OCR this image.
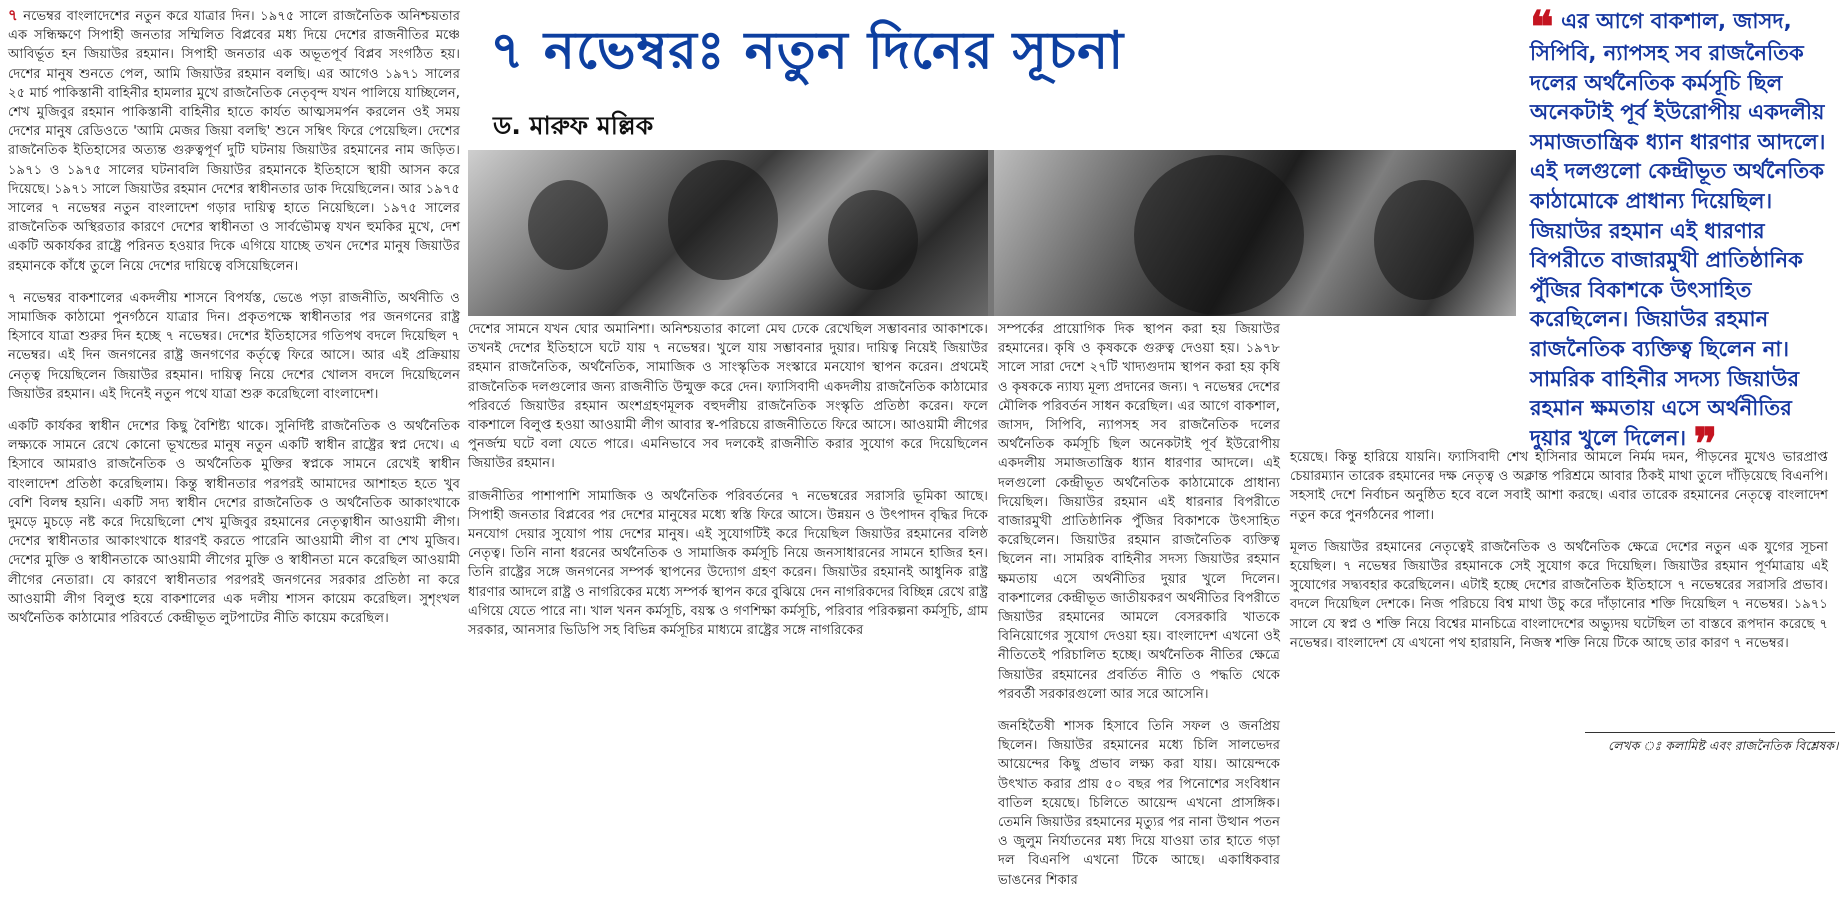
৭ নভেম্বর বাংলাদেশের নতুন করে যাত্রার দিন। ১৯৭৫ সালে রাজনৈতিক অনিশ্চয়তার এক সন্ধিক্ষণে সিপাহী জনতার সম্মিলিত বিপ্লবের মধ্য দিয়ে দেশের রাজনীতির মঞ্চে আবির্ভূত হন জিয়াউর রহমান। সিপাহী জনতার এক অভূতপূর্ব বিপ্লব সংগঠিত হয়। দেশের মানুষ শুনতে পেল, আমি জিয়াউর রহমান বলছি। এর আগেও ১৯৭১ সালের ২৫ মার্চ পাকিস্তানী বাহিনীর হামলার মুখে রাজনৈতিক নেতৃবৃন্দ যখন পালিয়ে যাচ্ছিলেন, শেখ মুজিবুর রহমান পাকিস্তানী বাহিনীর হাতে কার্যত আত্মসমর্পন করলেন ওই সময় দেশের মানুষ রেডিওতে 'আমি মেজর জিয়া বলছি' শুনে সম্বিৎ ফিরে পেয়েছিল। দেশের রাজনৈতিক ইতিহাসের অত্যন্ত গুরুত্বপূর্ণ দুটি ঘটনায় জিয়াউর রহমানের নাম জড়িত। ১৯৭১ ও ১৯৭৫ সালের ঘটনাবলি জিয়াউর রহমানকে ইতিহাসে স্থায়ী আসন করে দিয়েছে। ১৯৭১ সালে জিয়াউর রহমান দেশের স্বাধীনতার ডাক দিয়েছিলেন। আর ১৯৭৫ সালের ৭ নভেম্বর নতুন বাংলাদেশ গড়ার দায়িত্ব হাতে নিয়েছিলে। ১৯৭৫ সালের রাজনৈতিক অস্থিরতার কারণে দেশের স্বাধীনতা ও সার্বভৌমত্ব যখন হুমকির মুখে, দেশ একটি অকার্যকর রাষ্ট্রে পরিনত হওয়ার দিকে এগিয়ে যাচ্ছে তখন দেশের মানুষ জিয়াউর রহমানকে কাঁধে তুলে নিয়ে দেশের দায়িত্বে বসিয়েছিলেন।

৭ নভেম্বর বাকশালের একদলীয় শাসনে বিপর্যস্ত, ভেঙে পড়া রাজনীতি, অর্থনীতি ও সামাজিক কাঠামো পুনর্গঠনে যাত্রার দিন। প্রকৃতপক্ষে স্বাধীনতার পর জনগনের রাষ্ট্র হিসাবে যাত্রা শুরুর দিন হচ্ছে ৭ নভেম্বর। দেশের ইতিহাসের গতিপথ বদলে দিয়েছিল ৭ নভেম্বর। এই দিন জনগনের রাষ্ট্র জনগণের কর্তৃত্বে ফিরে আসে। আর এই প্রক্রিয়ায় নেতৃত্ব দিয়েছিলেন জিয়াউর রহমান। দায়িত্ব নিয়ে দেশের খোলস বদলে দিয়েছিলেন জিয়াউর রহমান। এই দিনেই নতুন পথে যাত্রা শুরু করেছিলো বাংলাদেশ।

একটি কার্যকর স্বাধীন দেশের কিছু বৈশিষ্ট্য থাকে। সুনির্দিষ্ট রাজনৈতিক ও অর্থনৈতিক লক্ষ্যকে সামনে রেখে কোনো ভূখন্ডের মানুষ নতুন একটি স্বাধীন রাষ্ট্রের স্বপ্ন দেখে। এ হিসাবে আমরাও রাজনৈতিক ও অর্থনৈতিক মুক্তির স্বপ্নকে সামনে রেখেই স্বাধীন বাংলাদেশ প্রতিষ্ঠা করেছিলাম। কিন্তু স্বাধীনতার পরপরই আমাদের আশাহত হতে খুব বেশি বিলম্ব হয়নি। একটি সদ্য স্বাধীন দেশের রাজনৈতিক ও অর্থনৈতিক আকাংখাকে দুমড়ে মুচড়ে নষ্ট করে দিয়েছিলো শেখ মুজিবুর রহমানের নেতৃত্বাধীন আওয়ামী লীগ। দেশের স্বাধীনতার আকাংখাকে ধারণই করতে পারেনি আওয়ামী লীগ বা শেখ মুজিব। দেশের মুক্তি ও স্বাধীনতাকে আওয়ামী লীগের মুক্তি ও স্বাধীনতা মনে করেছিল আওয়ামী লীগের নেতারা। যে কারণে স্বাধীনতার পরপরই জনগনের সরকার প্রতিষ্ঠা না করে আওয়ামী লীগ বিলুপ্ত হয়ে বাকশালের এক দলীয় শাসন কায়েম করেছিল। সুশৃংখল অর্থনৈতিক কাঠামোর পরিবর্তে কেন্দ্রীভূত লুটপাটের নীতি কায়েম করেছিল।

৭ নভেম্বরঃ নতুন দিনের সূচনা
ড. মারুফ মল্লিক

দেশের সামনে যখন ঘোর অমানিশা। অনিশ্চয়তার কালো মেঘ ঢেকে রেখেছিল সম্ভাবনার আকাশকে। তখনই দেশের ইতিহাসে ঘটে যায় ৭ নভেম্বর। খুলে যায় সম্ভাবনার দুয়ার। দায়িত্ব নিয়েই জিয়াউর রহমান রাজনৈতিক, অর্থনৈতিক, সামাজিক ও সাংস্কৃতিক সংস্কারে মনযোগ স্থাপন করেন। প্রথমেই রাজনৈতিক দলগুলোর জন্য রাজনীতি উন্মুক্ত করে দেন। ফ্যাসিবাদী একদলীয় রাজনৈতিক কাঠামোর পরিবর্তে জিয়াউর রহমান অংশগ্রহণমূলক বহুদলীয় রাজনৈতিক সংস্কৃতি প্রতিষ্ঠা করেন। ফলে বাকশালে বিলুপ্ত হওয়া আওয়ামী লীগ আবার স্ব-পরিচয়ে রাজনীতিতে ফিরে আসে। আওয়ামী লীগের পুনর্জন্ম ঘটে বলা যেতে পারে। এমনিভাবে সব দলকেই রাজনীতি করার সুযোগ করে দিয়েছিলেন জিয়াউর রহমান।

রাজনীতির পাশাপাশি সামাজিক ও অর্থনৈতিক পরিবর্তনের ৭ নভেম্বরের সরাসরি ভূমিকা আছে। সিপাহী জনতার বিপ্লবের পর দেশের মানুষের মধ্যে স্বস্তি ফিরে আসে। উন্নয়ন ও উৎপাদন বৃদ্ধির দিকে মনযোগ দেয়ার সুযোগ পায় দেশের মানুষ। এই সুযোগটিই করে দিয়েছিল জিয়াউর রহমানের বলিষ্ঠ নেতৃত্ব। তিনি নানা ধরনের অর্থনৈতিক ও সামাজিক কর্মসূচি নিয়ে জনসাধারনের সামনে হাজির হন। তিনি রাষ্ট্রের সঙ্গে জনগনের সম্পর্ক স্থাপনের উদ্যোগ গ্রহণ করেন। জিয়াউর রহমানই আধুনিক রাষ্ট্র ধারণার আদলে রাষ্ট্র ও নাগরিকের মধ্যে সম্পর্ক স্থাপন করে বুঝিয়ে দেন নাগরিকদের বিচ্ছিন্ন রেখে রাষ্ট্র এগিয়ে যেতে পারে না। খাল খনন কর্মসূচি, বয়স্ক ও গণশিক্ষা কর্মসূচি, পরিবার পরিকল্পনা কর্মসূচি, গ্রাম সরকার, আনসার ভিডিপি সহ বিভিন্ন কর্মসূচির মাধ্যমে রাষ্ট্রের সঙ্গে নাগরিকের

সম্পর্কের প্রায়োগিক দিক স্থাপন করা হয় জিয়াউর রহমানের। কৃষি ও কৃষককে গুরুত্ব দেওয়া হয়। ১৯৭৮ সালে সারা দেশে ২৭টি খাদ্যগুদাম স্থাপন করা হয় কৃষি ও কৃষককে ন্যায্য মূল্য প্রদানের জন্য। ৭ নভেম্বর দেশের মৌলিক পরিবর্তন সাধন করেছিল। এর আগে বাকশাল, জাসদ, সিপিবি, ন্যাপসহ সব রাজনৈতিক দলের অর্থনৈতিক কর্মসূচি ছিল অনেকটাই পূর্ব ইউরোপীয় একদলীয় সমাজতান্ত্রিক ধ্যান ধারণার আদলে। এই দলগুলো কেন্দ্রীভূত অর্থনৈতিক কাঠামোকে প্রাধান্য দিয়েছিল। জিয়াউর রহমান এই ধারনার বিপরীতে বাজারমুখী প্রাতিষ্ঠানিক পুঁজির বিকাশকে উৎসাহিত করেছিলেন। জিয়াউর রহমান রাজনৈতিক ব্যক্তিত্ব ছিলেন না। সামরিক বাহিনীর সদস্য জিয়াউর রহমান ক্ষমতায় এসে অর্থনীতির দুয়ার খুলে দিলেন। বাকশালের কেন্দ্রীভূত জাতীয়করণ অর্থনীতির বিপরীতে জিয়াউর রহমানের আমলে বেসরকারি খাতকে বিনিয়োগের সুযোগ দেওয়া হয়। বাংলাদেশ এখনো ওই নীতিতেই পরিচালিত হচ্ছে। অর্থনৈতিক নীতির ক্ষেত্রে জিয়াউর রহমানের প্রবর্তিত নীতি ও পদ্ধতি থেকে পরবর্তী সরকারগুলো আর সরে আসেনি।

জনহিতৈষী শাসক হিসাবে তিনি সফল ও জনপ্রিয় ছিলেন। জিয়াউর রহমানের মধ্যে চিলি সালভেদর আয়েন্দের কিছু প্রভাব লক্ষ্য করা যায়। আয়েন্দকে উৎখাত করার প্রায় ৫০ বছর পর পিনোশের সংবিধান বাতিল হয়েছে। চিলিতে আয়েন্দ এখনো প্রাসঙ্গিক। তেমনি জিয়াউর রহমানের মৃত্যুর পর নানা উত্থান পতন ও জুলুম নির্যাতনের মধ্য দিয়ে যাওয়া তার হাতে গড়া দল বিএনপি এখনো টিকে আছে। একাধিকবার ভাঙনের শিকার

❝ এর আগে বাকশাল, জাসদ, সিপিবি, ন্যাপসহ সব রাজনৈতিক দলের অর্থনৈতিক কর্মসূচি ছিল অনেকটাই পূর্ব ইউরোপীয় একদলীয় সমাজতান্ত্রিক ধ্যান ধারণার আদলে। এই দলগুলো কেন্দ্রীভূত অর্থনৈতিক কাঠামোকে প্রাধান্য দিয়েছিল। জিয়াউর রহমান এই ধারণার বিপরীতে বাজারমুখী প্রাতিষ্ঠানিক পুঁজির বিকাশকে উৎসাহিত করেছিলেন। জিয়াউর রহমান রাজনৈতিক ব্যক্তিত্ব ছিলেন না। সামরিক বাহিনীর সদস্য জিয়াউর রহমান ক্ষমতায় এসে অর্থনীতির দুয়ার খুলে দিলেন। ❞

হয়েছে। কিন্তু হারিয়ে যায়নি। ফ্যাসিবাদী শেখ হাসিনার আমলে নির্মম দমন, পীড়নের মুখেও ভারপ্রাপ্ত চেয়ারম্যান তারেক রহমানের দক্ষ নেতৃত্ব ও অক্লান্ত পরিশ্রমে আবার ঠিকই মাথা তুলে দাঁড়িয়েছে বিএনপি। সহসাই দেশে নির্বাচন অনুষ্ঠিত হবে বলে সবাই আশা করছে। এবার তারেক রহমানের নেতৃত্বে বাংলাদেশ নতুন করে পুনর্গঠনের পালা।

মূলত জিয়াউর রহমানের নেতৃত্বেই রাজনৈতিক ও অর্থনৈতিক ক্ষেত্রে দেশের নতুন এক যুগের সূচনা হয়েছিল। ৭ নভেম্বর জিয়াউর রহমানকে সেই সুযোগ করে দিয়েছিল। জিয়াউর রহমান পূর্ণমাত্রায় এই সুযোগের সদ্ব্যবহার করেছিলেন। এটাই হচ্ছে দেশের রাজনৈতিক ইতিহাসে ৭ নভেম্বরের সরাসরি প্রভাব। বদলে দিয়েছিল দেশকে। নিজ পরিচয়ে বিশ্ব মাথা উচু করে দাঁড়ানোর শক্তি দিয়েছিল ৭ নভেম্বর। ১৯৭১ সালে যে স্বপ্ন ও শক্তি নিয়ে বিশ্বের মানচিত্রে বাংলাদেশের অভ্যুদয় ঘটেছিল তা বাস্তবে রূপদান করেছে ৭ নভেম্বর। বাংলাদেশ যে এখনো পথ হারায়নি, নিজস্ব শক্তি নিয়ে টিকে আছে তার কারণ ৭ নভেম্বর।

লেখক ঃ কলামিষ্ট এবং রাজনৈতিক বিশ্লেষক।
